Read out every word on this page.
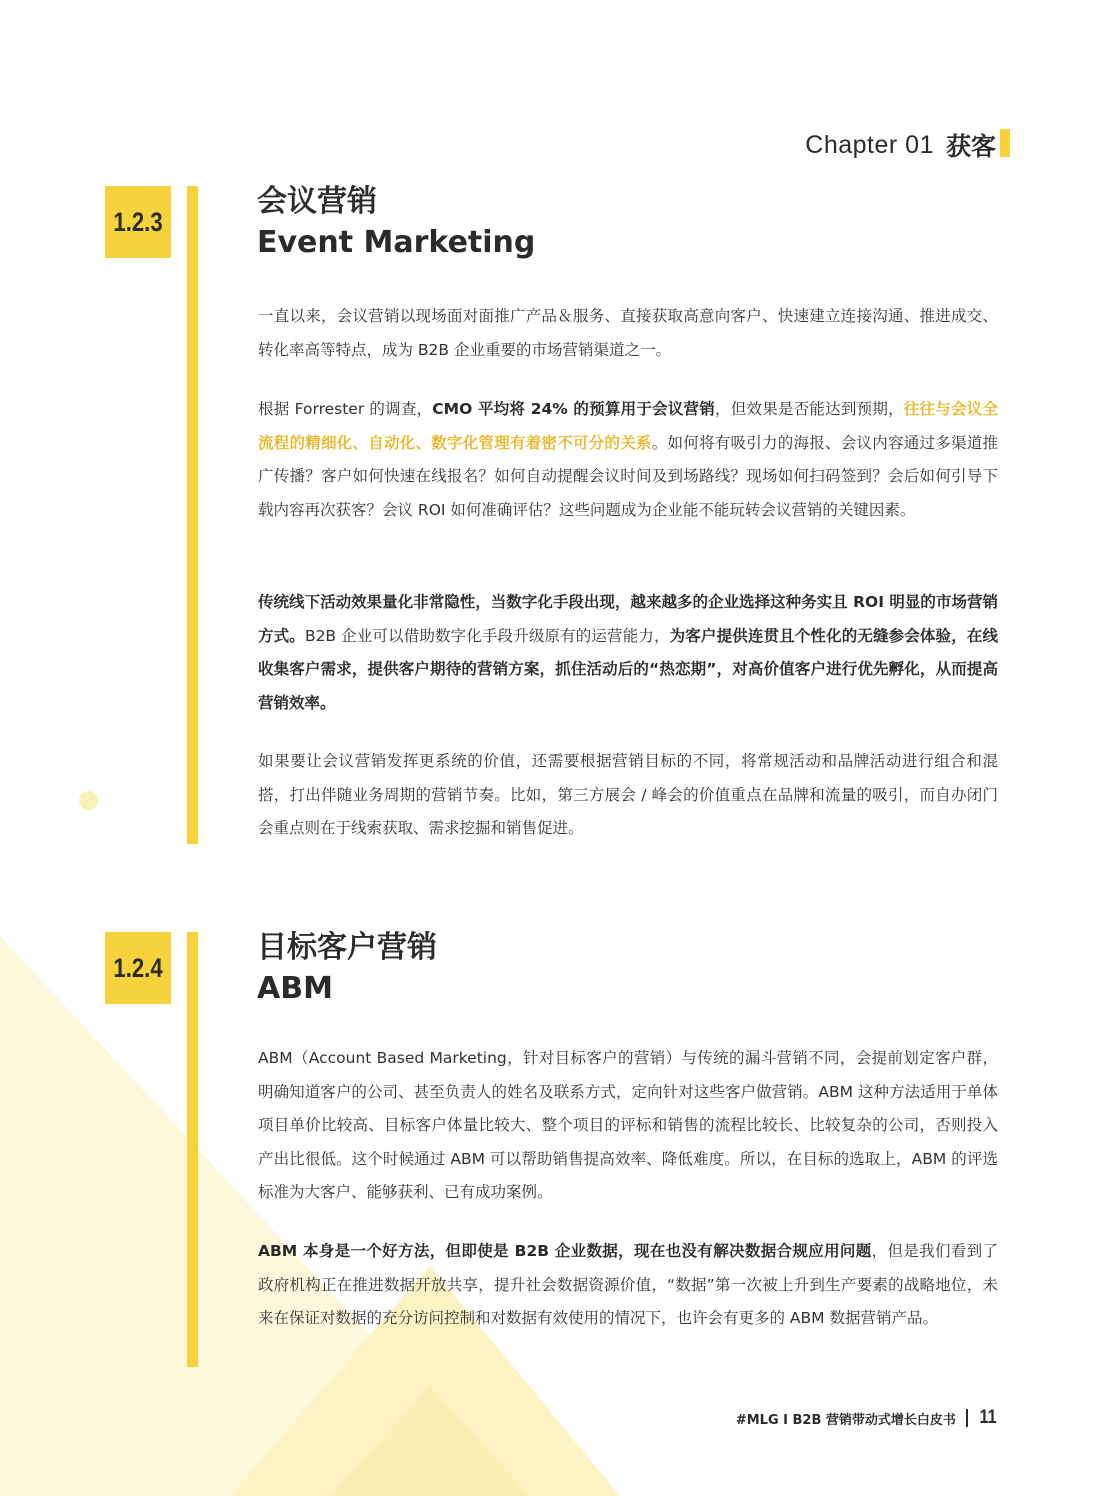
Chapter 01 获客
1.2.3
会议营销
Event Marketing

一直以来，会议营销以现场面对面推广产品＆服务、直接获取高意向客户、快速建立连接沟通、推进成交、转化率高等特点，成为 B2B 企业重要的市场营销渠道之一。

根据 Forrester 的调查，CMO 平均将 24% 的预算用于会议营销，但效果是否能达到预期，往往与会议全流程的精细化、自动化、数字化管理有着密不可分的关系。如何将有吸引力的海报、会议内容通过多渠道推广传播？客户如何快速在线报名？如何自动提醒会议时间及到场路线？现场如何扫码签到？会后如何引导下载内容再次获客？会议 ROI 如何准确评估？这些问题成为企业能不能玩转会议营销的关键因素。

传统线下活动效果量化非常隐性，当数字化手段出现，越来越多的企业选择这种务实且 ROI 明显的市场营销方式。B2B 企业可以借助数字化手段升级原有的运营能力，为客户提供连贯且个性化的无缝参会体验，在线收集客户需求，提供客户期待的营销方案，抓住活动后的“热恋期”，对高价值客户进行优先孵化，从而提高营销效率。

如果要让会议营销发挥更系统的价值，还需要根据营销目标的不同，将常规活动和品牌活动进行组合和混搭，打出伴随业务周期的营销节奏。比如，第三方展会 / 峰会的价值重点在品牌和流量的吸引，而自办闭门会重点则在于线索获取、需求挖掘和销售促进。

1.2.4
目标客户营销
ABM

ABM（Account Based Marketing，针对目标客户的营销）与传统的漏斗营销不同，会提前划定客户群，明确知道客户的公司、甚至负责人的姓名及联系方式，定向针对这些客户做营销。ABM 这种方法适用于单体项目单价比较高、目标客户体量比较大、整个项目的评标和销售的流程比较长、比较复杂的公司，否则投入产出比很低。这个时候通过 ABM 可以帮助销售提高效率、降低难度。所以，在目标的选取上，ABM 的评选标准为大客户、能够获利、已有成功案例。

ABM 本身是一个好方法，但即使是 B2B 企业数据，现在也没有解决数据合规应用问题，但是我们看到了政府机构正在推进数据开放共享，提升社会数据资源价值，“数据”第一次被上升到生产要素的战略地位，未来在保证对数据的充分访问控制和对数据有效使用的情况下，也许会有更多的 ABM 数据营销产品。

#MLG I B2B 营销带动式增长白皮书 11
